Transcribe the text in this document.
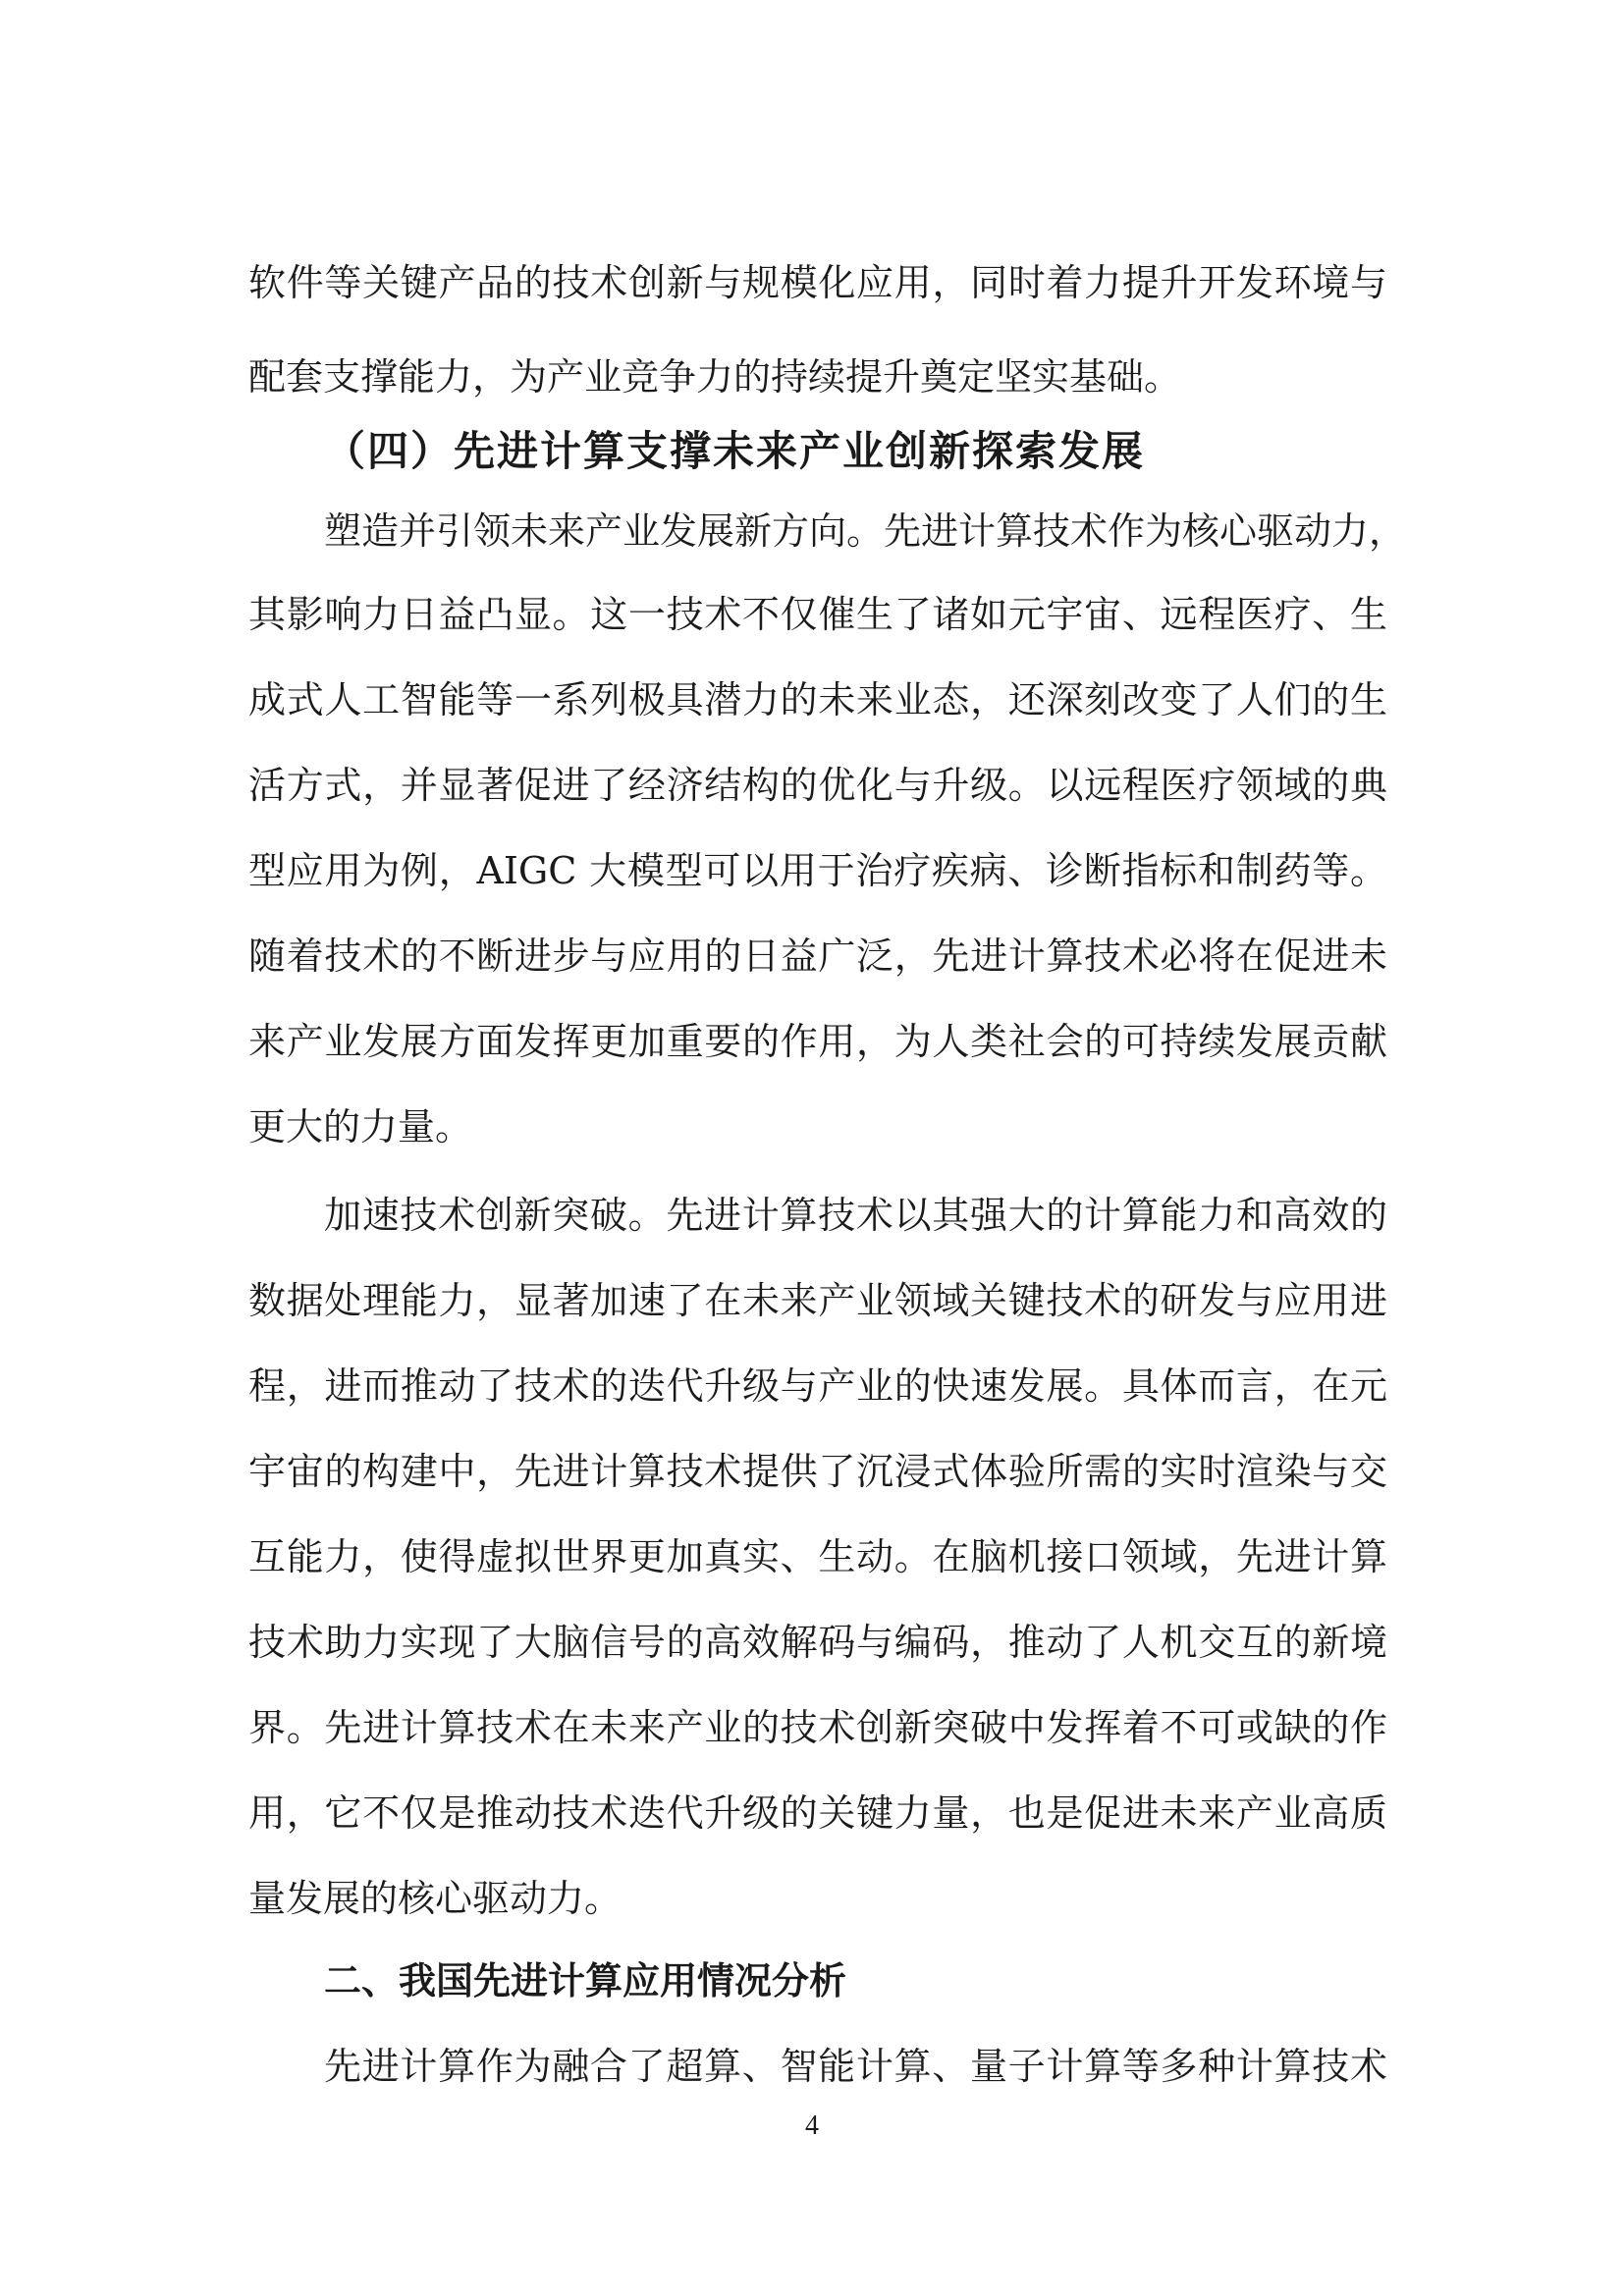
软件等关键产品的技术创新与规模化应用，同时着力提升开发环境与
配套支撑能力，为产业竞争力的持续提升奠定坚实基础。
（四）先进计算支撑未来产业创新探索发展
塑造并引领未来产业发展新方向。先进计算技术作为核心驱动力，
其影响力日益凸显。这一技术不仅催生了诸如元宇宙、远程医疗、生
成式人工智能等一系列极具潜力的未来业态，还深刻改变了人们的生
活方式，并显著促进了经济结构的优化与升级。以远程医疗领域的典
型应用为例，AIGC 大模型可以用于治疗疾病、诊断指标和制药等。
随着技术的不断进步与应用的日益广泛，先进计算技术必将在促进未
来产业发展方面发挥更加重要的作用，为人类社会的可持续发展贡献
更大的力量。
加速技术创新突破。先进计算技术以其强大的计算能力和高效的
数据处理能力，显著加速了在未来产业领域关键技术的研发与应用进
程，进而推动了技术的迭代升级与产业的快速发展。具体而言，在元
宇宙的构建中，先进计算技术提供了沉浸式体验所需的实时渲染与交
互能力，使得虚拟世界更加真实、生动。在脑机接口领域，先进计算
技术助力实现了大脑信号的高效解码与编码，推动了人机交互的新境
界。先进计算技术在未来产业的技术创新突破中发挥着不可或缺的作
用，它不仅是推动技术迭代升级的关键力量，也是促进未来产业高质
量发展的核心驱动力。
二、我国先进计算应用情况分析
先进计算作为融合了超算、智能计算、量子计算等多种计算技术
4
